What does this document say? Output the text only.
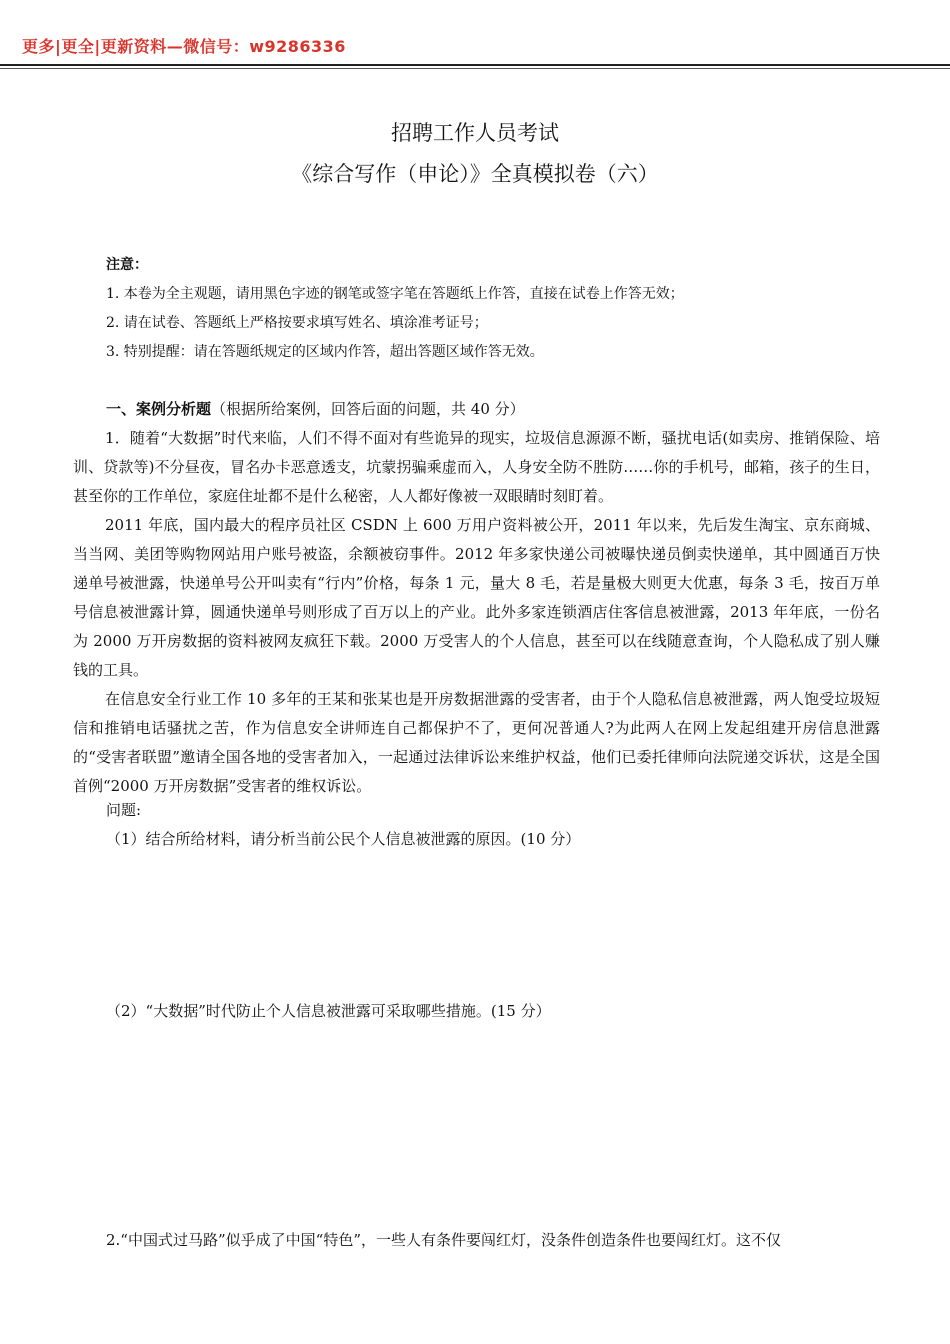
更多|更全|更新资料—微信号：w9286336
招聘工作人员考试
《综合写作（申论）》全真模拟卷（六）
注意：
1. 本卷为全主观题，请用黑色字迹的钢笔或签字笔在答题纸上作答，直接在试卷上作答无效；
2. 请在试卷、答题纸上严格按要求填写姓名、填涂准考证号；
3. 特别提醒：请在答题纸规定的区域内作答，超出答题区域作答无效。
一、案例分析题（根据所给案例，回答后面的问题，共 40 分）
1．随着“大数据”时代来临，人们不得不面对有些诡异的现实，垃圾信息源源不断，骚扰电话(如卖房、推销保险、培训、贷款等)不分昼夜，冒名办卡恶意透支，坑蒙拐骗乘虚而入，人身安全防不胜防……你的手机号，邮箱，孩子的生日，甚至你的工作单位，家庭住址都不是什么秘密，人人都好像被一双眼睛时刻盯着。
2011 年底，国内最大的程序员社区 CSDN 上 600 万用户资料被公开，2011 年以来，先后发生淘宝、京东商城、当当网、美团等购物网站用户账号被盗，余额被窃事件。2012 年多家快递公司被曝快递员倒卖快递单，其中圆通百万快递单号被泄露，快递单号公开叫卖有“行内”价格，每条 1 元，量大 8 毛，若是量极大则更大优惠，每条 3 毛，按百万单号信息被泄露计算，圆通快递单号则形成了百万以上的产业。此外多家连锁酒店住客信息被泄露，2013 年年底，一份名为 2000 万开房数据的资料被网友疯狂下载。2000 万受害人的个人信息，甚至可以在线随意查询，个人隐私成了别人赚钱的工具。
在信息安全行业工作 10 多年的王某和张某也是开房数据泄露的受害者，由于个人隐私信息被泄露，两人饱受垃圾短信和推销电话骚扰之苦，作为信息安全讲师连自己都保护不了，更何况普通人?为此两人在网上发起组建开房信息泄露的“受害者联盟”邀请全国各地的受害者加入，一起通过法律诉讼来维护权益，他们已委托律师向法院递交诉状，这是全国首例“2000 万开房数据”受害者的维权诉讼。
问题:
（1）结合所给材料，请分析当前公民个人信息被泄露的原因。(10 分）
（2）“大数据”时代防止个人信息被泄露可采取哪些措施。(15 分）
2.“中国式过马路”似乎成了中国“特色”，一些人有条件要闯红灯，没条件创造条件也要闯红灯。这不仅
